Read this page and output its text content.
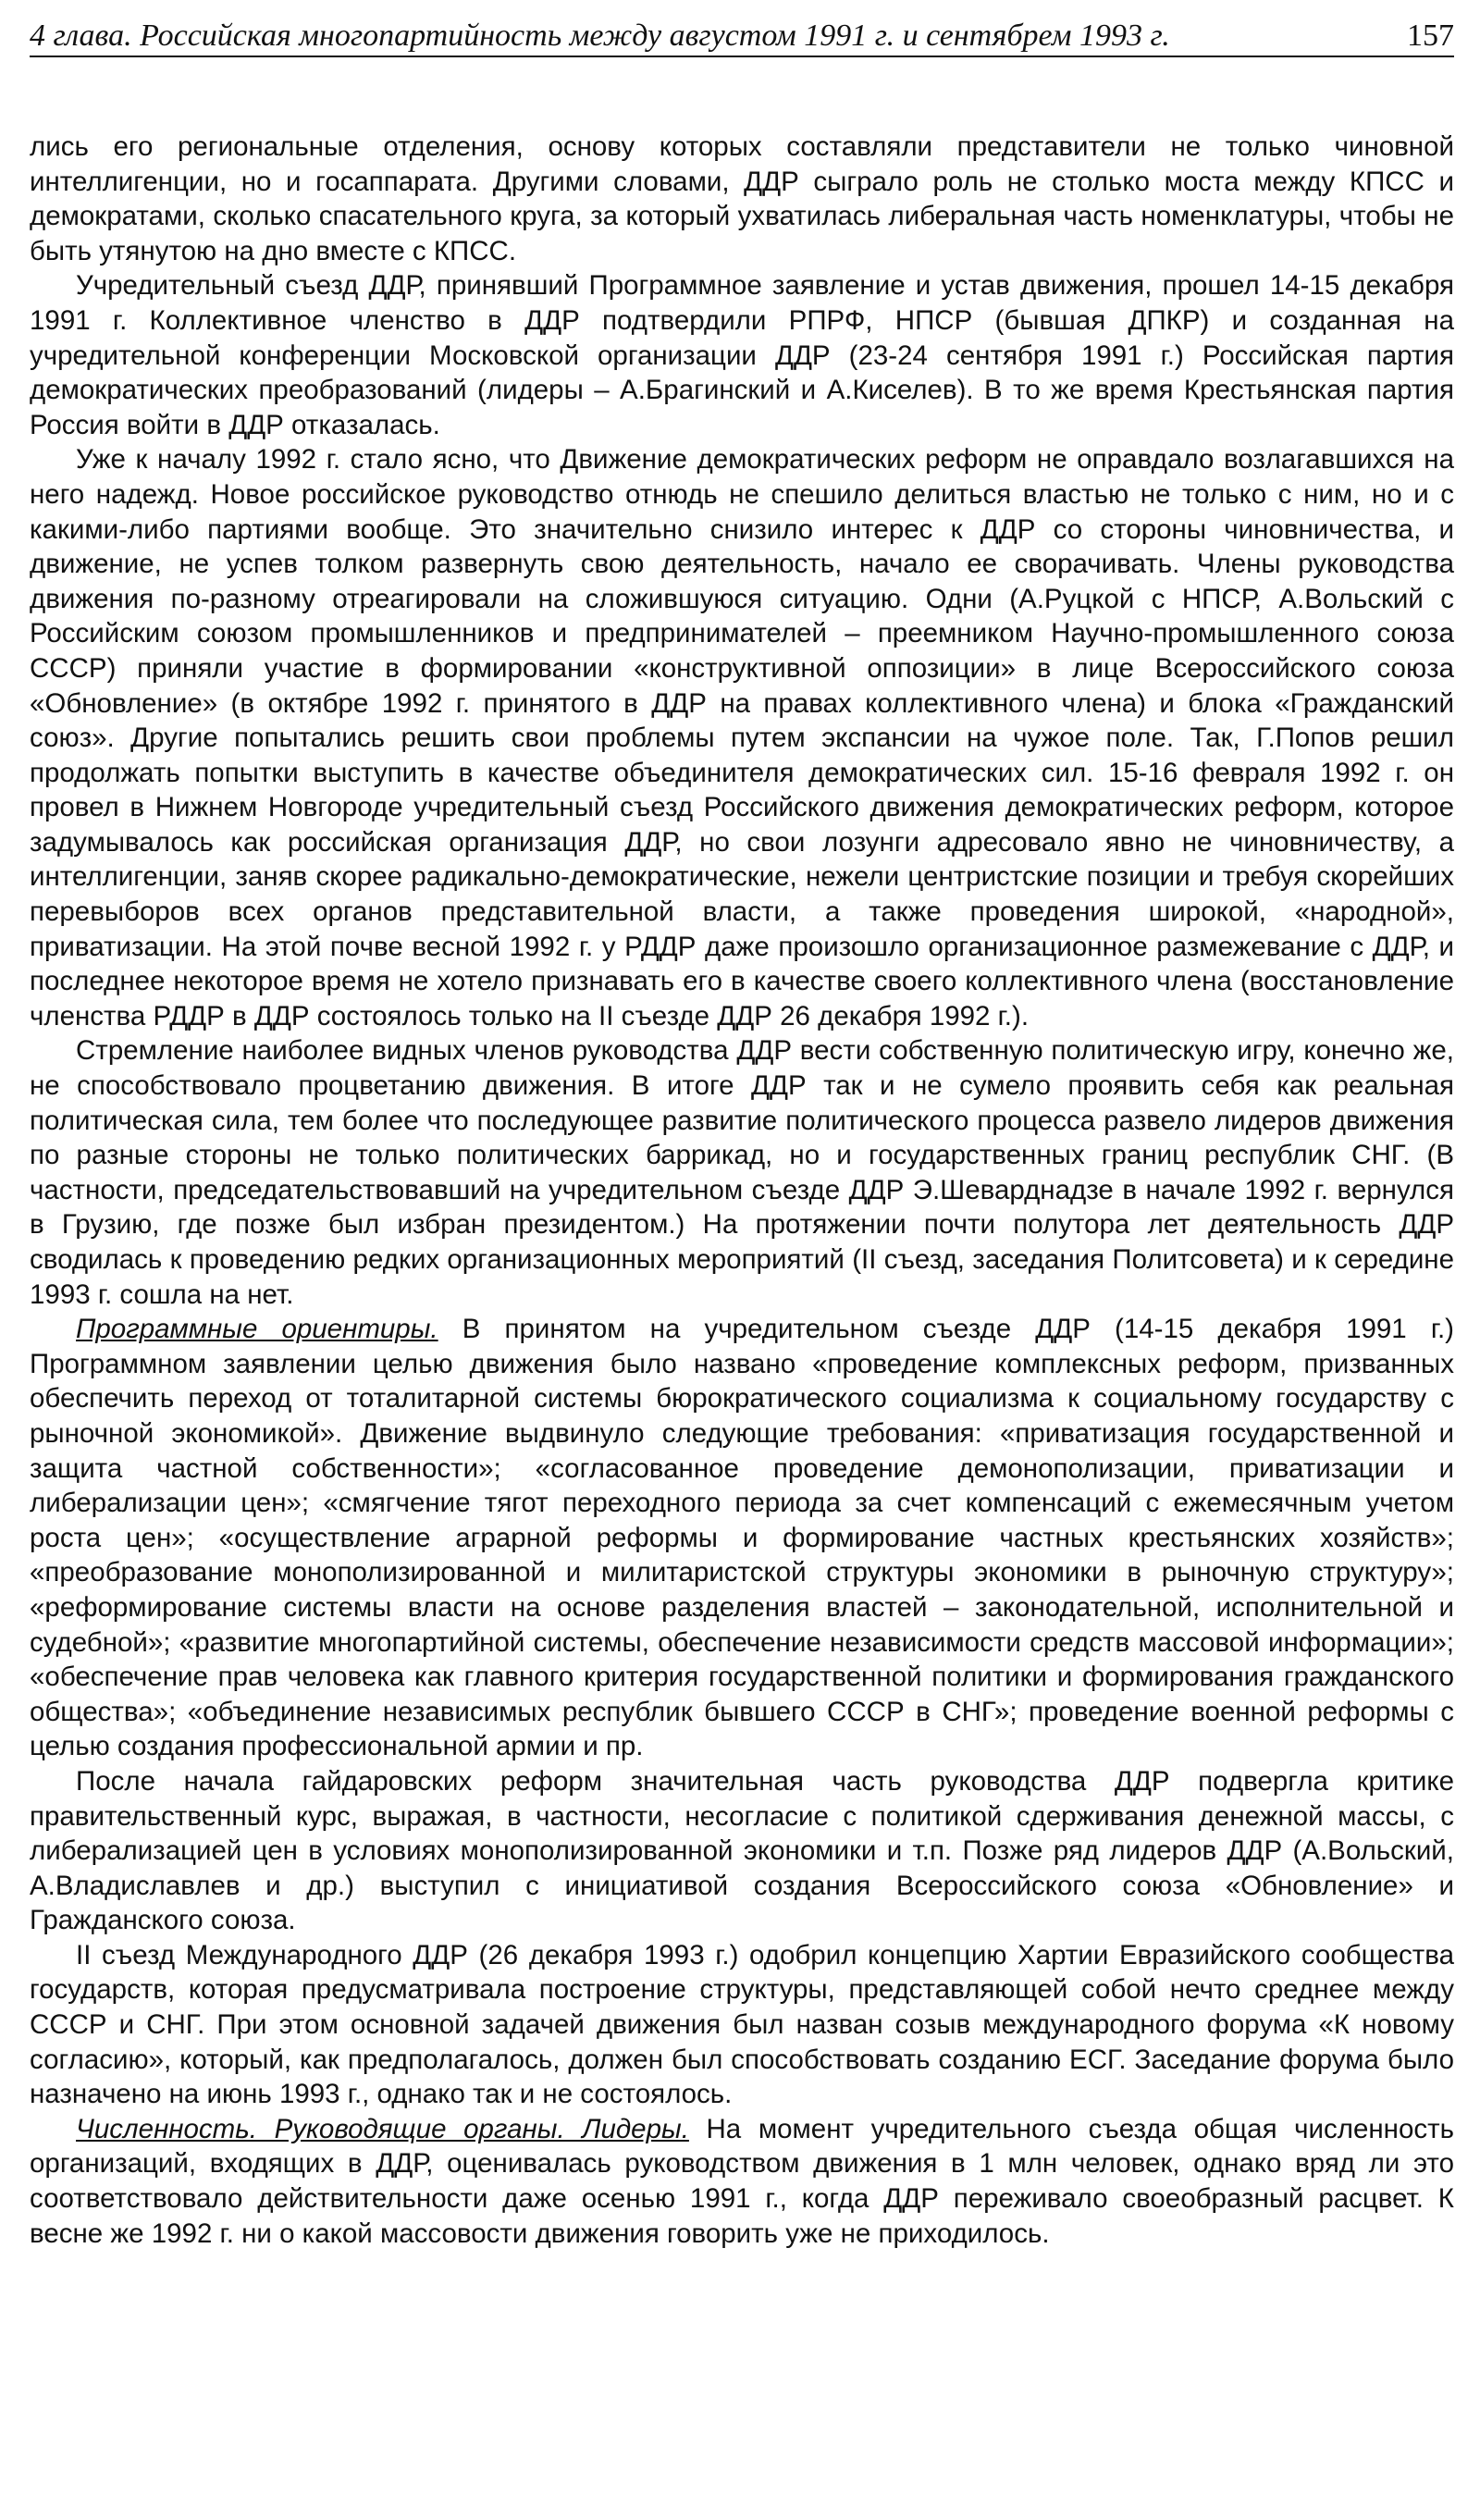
4 глава. Российская многопартийность между августом 1991 г. и сентябрем 1993 г.	157

лись его региональные отделения, основу которых составляли представители не только чиновной интеллигенции, но и госаппарата. Другими словами, ДДР сыграло роль не столько моста между КПСС и демократами, сколько спасательного круга, за который ухватилась либеральная часть номенклатуры, чтобы не быть утянутою на дно вместе с КПСС.

Учредительный съезд ДДР, принявший Программное заявление и устав движения, прошел 14-15 декабря 1991 г. Коллективное членство в ДДР подтвердили РПРФ, НПСР (бывшая ДПКР) и созданная на учредительной конференции Московской организации ДДР (23-24 сентября 1991 г.) Российская партия демократических преобразований (лидеры – А.Брагинский и А.Киселев). В то же время Крестьянская партия Россия войти в ДДР отказалась.

Уже к началу 1992 г. стало ясно, что Движение демократических реформ не оправдало возлагавшихся на него надежд. Новое российское руководство отнюдь не спешило делиться властью не только с ним, но и с какими-либо партиями вообще. Это значительно снизило интерес к ДДР со стороны чиновничества, и движение, не успев толком развернуть свою деятельность, начало ее сворачивать. Члены руководства движения по-разному отреагировали на сложившуюся ситуацию. Одни (А.Руцкой с НПСР, А.Вольский с Российским союзом промышленников и предпринимателей – преемником Научно-промышленного союза СССР) приняли участие в формировании «конструктивной оппозиции» в лице Всероссийского союза «Обновление» (в октябре 1992 г. принятого в ДДР на правах коллективного члена) и блока «Гражданский союз». Другие попытались решить свои проблемы путем экспансии на чужое поле. Так, Г.Попов решил продолжать попытки выступить в качестве объединителя демократических сил. 15-16 февраля 1992 г. он провел в Нижнем Новгороде учредительный съезд Российского движения демократических реформ, которое задумывалось как российская организация ДДР, но свои лозунги адресовало явно не чиновничеству, а интеллигенции, заняв скорее радикально-демократические, нежели центристские позиции и требуя скорейших перевыборов всех органов представительной власти, а также проведения широкой, «народной», приватизации. На этой почве весной 1992 г. у РДДР даже произошло организационное размежевание с ДДР, и последнее некоторое время не хотело признавать его в качестве своего коллективного члена (восстановление членства РДДР в ДДР состоялось только на II съезде ДДР 26 декабря 1992 г.).

Стремление наиболее видных членов руководства ДДР вести собственную политическую игру, конечно же, не способствовало процветанию движения. В итоге ДДР так и не сумело проявить себя как реальная политическая сила, тем более что последующее развитие политического процесса развело лидеров движения по разные стороны не только политических баррикад, но и государственных границ республик СНГ. (В частности, председательствовавший на учредительном съезде ДДР Э.Шеварднадзе в начале 1992 г. вернулся в Грузию, где позже был избран президентом.) На протяжении почти полутора лет деятельность ДДР сводилась к проведению редких организационных мероприятий (II съезд, заседания Политсовета) и к середине 1993 г. сошла на нет.

Программные ориентиры. В принятом на учредительном съезде ДДР (14-15 декабря 1991 г.) Программном заявлении целью движения было названо «проведение комплексных реформ, призванных обеспечить переход от тоталитарной системы бюрократического социализма к социальному государству с рыночной экономикой». Движение выдвинуло следующие требования: «приватизация государственной и защита частной собственности»; «согласованное проведение демонополизации, приватизации и либерализации цен»; «смягчение тягот переходного периода за счет компенсаций с ежемесячным учетом роста цен»; «осуществление аграрной реформы и формирование частных крестьянских хозяйств»; «преобразование монополизированной и милитаристской структуры экономики в рыночную структуру»; «реформирование системы власти на основе разделения властей – законодательной, исполнительной и судебной»; «развитие многопартийной системы, обеспечение независимости средств массовой информации»; «обеспечение прав человека как главного критерия государственной политики и формирования гражданского общества»; «объединение независимых республик бывшего СССР в СНГ»; проведение военной реформы с целью создания профессиональной армии и пр.

После начала гайдаровских реформ значительная часть руководства ДДР подвергла критике правительственный курс, выражая, в частности, несогласие с политикой сдерживания денежной массы, с либерализацией цен в условиях монополизированной экономики и т.п. Позже ряд лидеров ДДР (А.Вольский, А.Владиславлев и др.) выступил с инициативой создания Всероссийского союза «Обновление» и Гражданского союза.

II съезд Международного ДДР (26 декабря 1993 г.) одобрил концепцию Хартии Евразийского сообщества государств, которая предусматривала построение структуры, представляющей собой нечто среднее между СССР и СНГ. При этом основной задачей движения был назван созыв международного форума «К новому согласию», который, как предполагалось, должен был способствовать созданию ЕСГ. Заседание форума было назначено на июнь 1993 г., однако так и не состоялось.

Численность. Руководящие органы. Лидеры. На момент учредительного съезда общая численность организаций, входящих в ДДР, оценивалась руководством движения в 1 млн человек, однако вряд ли это соответствовало действительности даже осенью 1991 г., когда ДДР переживало своеобразный расцвет. К весне же 1992 г. ни о какой массовости движения говорить уже не приходилось.
